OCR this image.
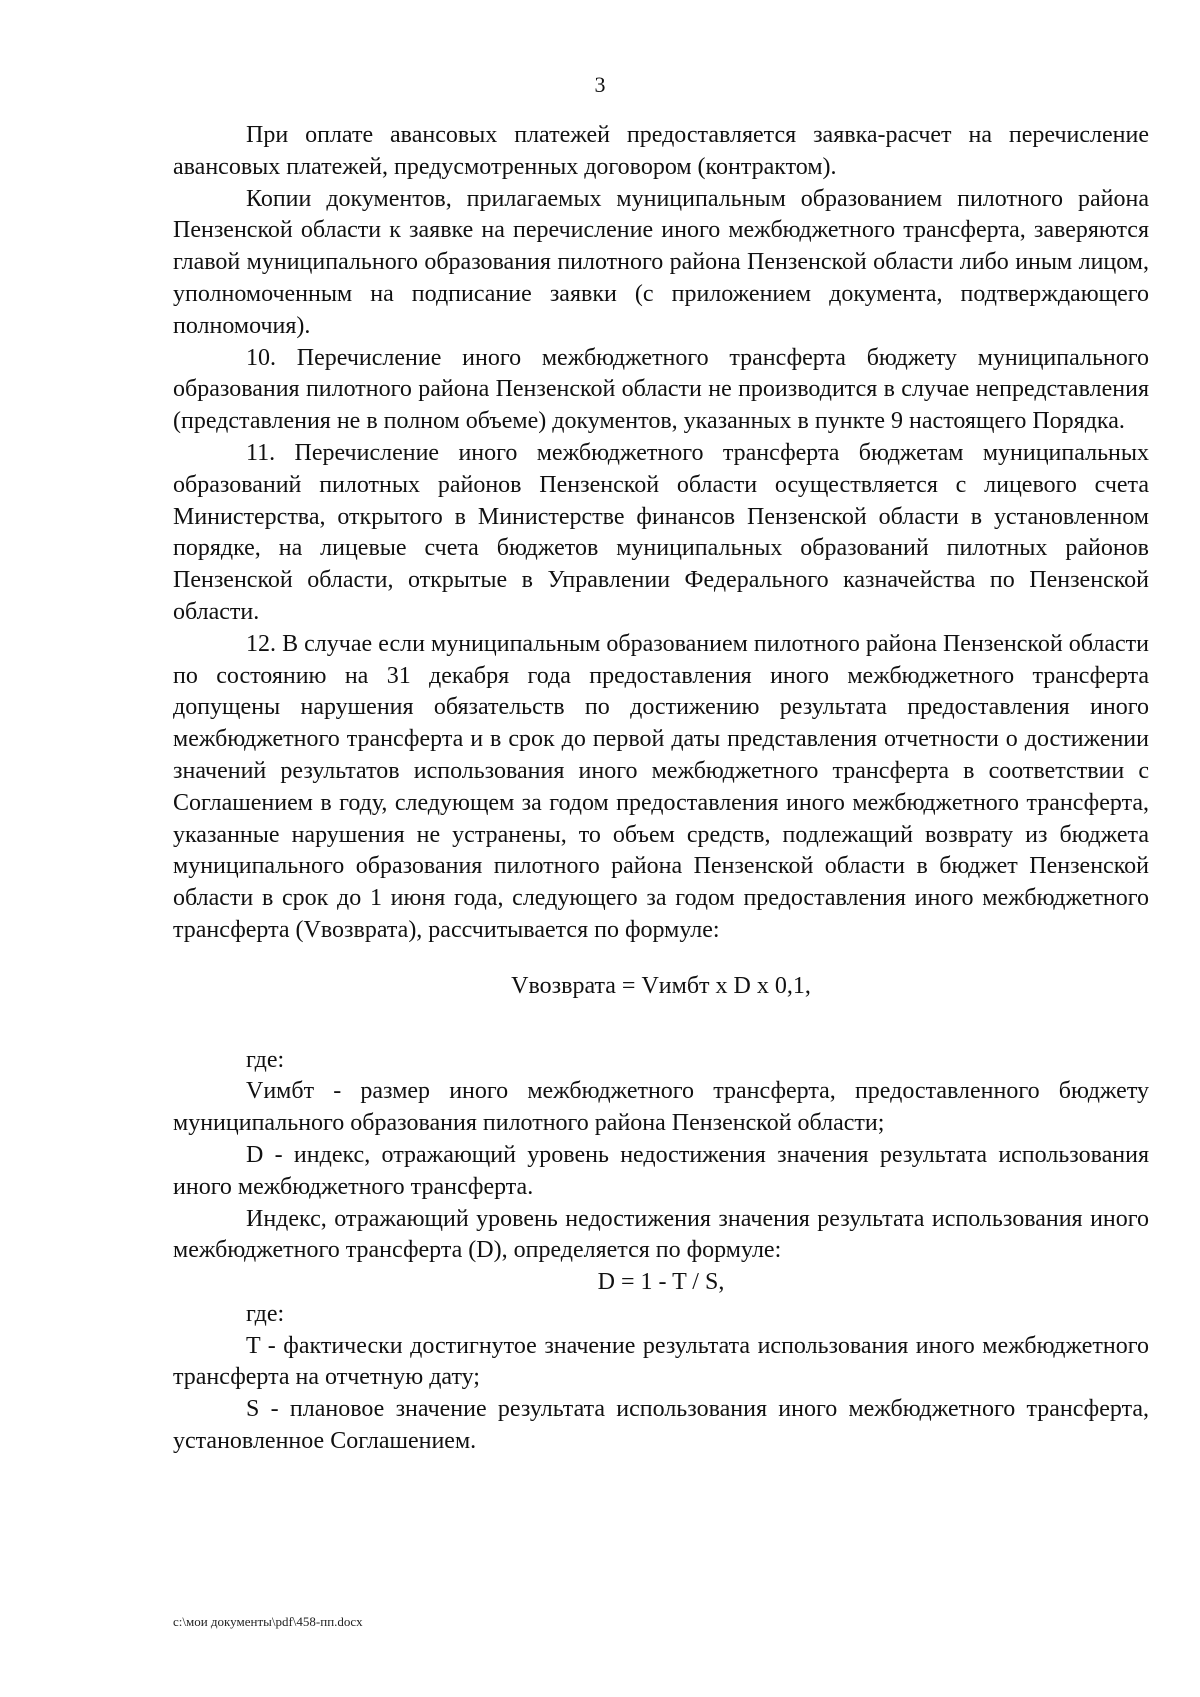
3

При оплате авансовых платежей предоставляется заявка-расчет на перечисление авансовых платежей, предусмотренных договором (контрактом).

Копии документов, прилагаемых муниципальным образованием пилотного района Пензенской области к заявке на перечисление иного межбюджетного трансферта, заверяются главой муниципального образования пилотного района Пензенской области либо иным лицом, уполномоченным на подписание заявки (с приложением документа, подтверждающего полномочия).

10. Перечисление иного межбюджетного трансферта бюджету муниципального образования пилотного района Пензенской области не производится в случае непредставления (представления не в полном объеме) документов, указанных в пункте 9 настоящего Порядка.

11. Перечисление иного межбюджетного трансферта бюджетам муниципальных образований пилотных районов Пензенской области осуществляется с лицевого счета Министерства, открытого в Министерстве финансов Пензенской области в установленном порядке, на лицевые счета бюджетов муниципальных образований пилотных районов Пензенской области, открытые в Управлении Федерального казначейства по Пензенской области.

12. В случае если муниципальным образованием пилотного района Пензенской области по состоянию на 31 декабря года предоставления иного межбюджетного трансферта допущены нарушения обязательств по достижению результата предоставления иного межбюджетного трансферта и в срок до первой даты представления отчетности о достижении значений результатов использования иного межбюджетного трансферта в соответствии с Соглашением в году, следующем за годом предоставления иного межбюджетного трансферта, указанные нарушения не устранены, то объем средств, подлежащий возврату из бюджета муниципального образования пилотного района Пензенской области в бюджет Пензенской области в срок до 1 июня года, следующего за годом предоставления иного межбюджетного трансферта (Vвозврата), рассчитывается по формуле:

Vвозврата = Vимбт x D x 0,1,

где:

Vимбт - размер иного межбюджетного трансферта, предоставленного бюджету муниципального образования пилотного района Пензенской области;

D - индекс, отражающий уровень недостижения значения результата использования иного межбюджетного трансферта.

Индекс, отражающий уровень недостижения значения результата использования иного межбюджетного трансферта (D), определяется по формуле:

D = 1 - T / S,

где:

T - фактически достигнутое значение результата использования иного межбюджетного трансферта на отчетную дату;

S - плановое значение результата использования иного межбюджетного трансферта, установленное Соглашением.

c:\мои документы\pdf\458-пп.docx
